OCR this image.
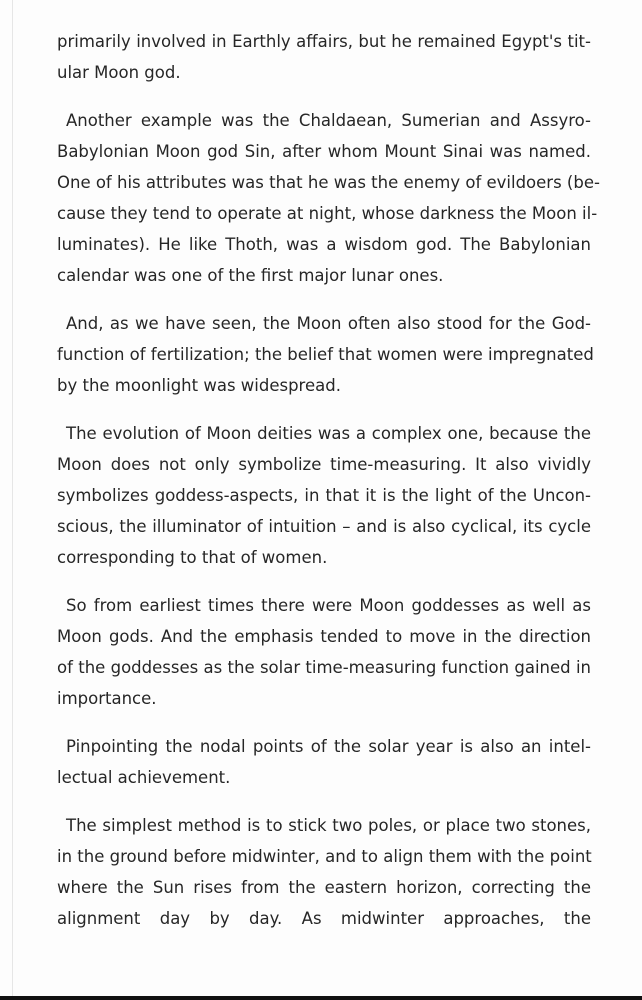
primarily involved in Earthly affairs, but he remained Egypt's tit-
ular Moon god.
Another example was the Chaldaean, Sumerian and Assyro-
Babylonian Moon god Sin, after whom Mount Sinai was named.
One of his attributes was that he was the enemy of evildoers (be-
cause they tend to operate at night, whose darkness the Moon il-
luminates). He like Thoth, was a wisdom god. The Babylonian
calendar was one of the first major lunar ones.
And, as we have seen, the Moon often also stood for the God-
function of fertilization; the belief that women were impregnated
by the moonlight was widespread.
The evolution of Moon deities was a complex one, because the
Moon does not only symbolize time-measuring. It also vividly
symbolizes goddess-aspects, in that it is the light of the Uncon-
scious, the illuminator of intuition – and is also cyclical, its cycle
corresponding to that of women.
So from earliest times there were Moon goddesses as well as
Moon gods. And the emphasis tended to move in the direction
of the goddesses as the solar time-measuring function gained in
importance.
Pinpointing the nodal points of the solar year is also an intel-
lectual achievement.
The simplest method is to stick two poles, or place two stones,
in the ground before midwinter, and to align them with the point
where the Sun rises from the eastern horizon, correcting the
alignment day by day. As midwinter approaches, the
